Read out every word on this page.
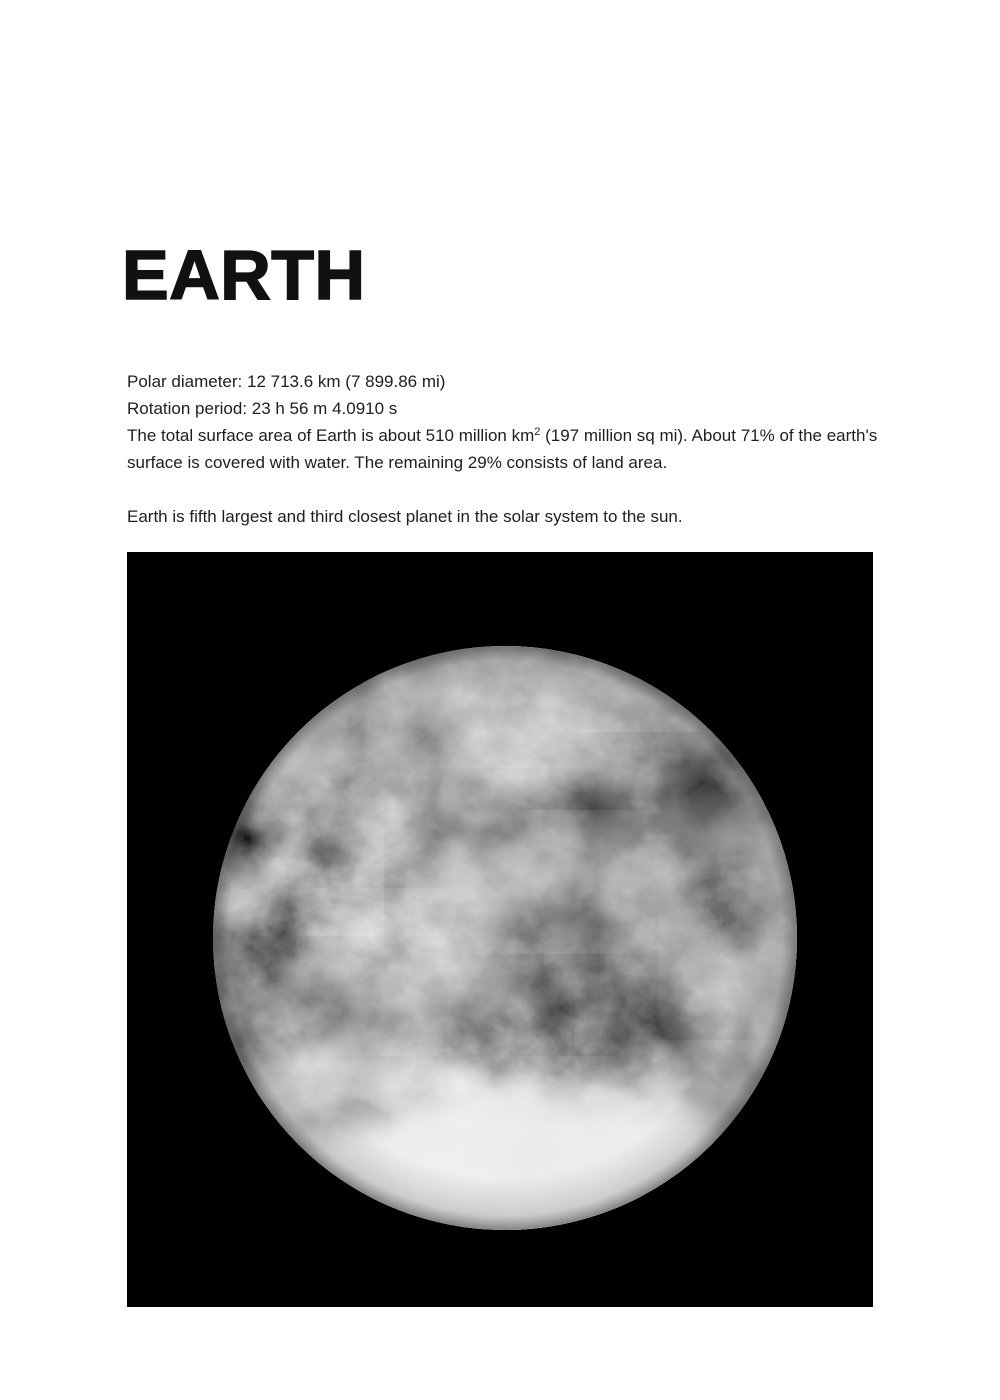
EARTH

Polar diameter: 12 713.6 km (7 899.86 mi)

Rotation period: 23 h 56 m 4.0910 s

The total surface area of Earth is about 510 million $km^2$ (197 million sq mi). About 71% of the earth's surface is covered with water. The remaining 29% consists of land area.

Earth is fifth largest and third closest planet in the solar system to the sun.
